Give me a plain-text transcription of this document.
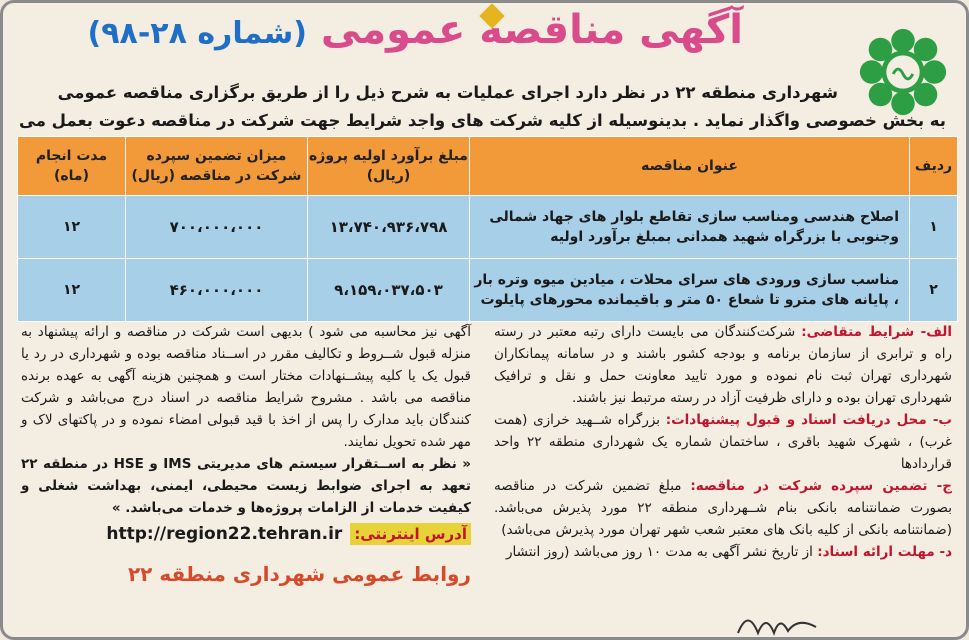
آگهی مناقصه عمومی (شماره ۲۸-۹۸)
شهرداری منطقه ۲۲ در نظر دارد اجرای عملیات به شرح ذیل را از طریق برگزاری مناقصه عمومی
به بخش خصوصی واگذار نماید . بدینوسیله از کلیه شرکت های واجد شرایط جهت شرکت در مناقصه دعوت بعمل می
ردیف	عنوان مناقصه	مبلغ برآورد اولیه پروژه (ریال)	میزان تضمین سپرده شرکت در مناقصه (ریال)	مدت انجام (ماه)
۱	اصلاح هندسی ومناسب سازی تقاطع بلوار های جهاد شمالی وجنوبی با بزرگراه شهید همدانی بمبلغ برآورد اولیه	۱۳،۷۴۰،۹۳۶،۷۹۸	۷۰۰،۰۰۰،۰۰۰	۱۲
۲	مناسب سازی ورودی های سرای محلات ، میادین میوه وتره بار ، پایانه های مترو تا شعاع ۵۰ متر و باقیمانده محورهای پایلوت	۹،۱۵۹،۰۳۷،۵۰۳	۴۶۰،۰۰۰،۰۰۰	۱۲

الف- شرایط متقاضی: شرکت‌کنندگان می بایست دارای رتبه معتبر در رسته راه و ترابری از سازمان برنامه و بودجه کشور باشند و در سامانه پیمانکاران شهرداری تهران ثبت نام نموده و مورد تایید معاونت حمل و نقل و ترافیک شهرداری تهران بوده و دارای ظرفیت آزاد در رسته مرتبط نیز باشند.

ب- محل دریافت اسناد و قبول پیشنهادات: بزرگراه شــهید خرازی (همت غرب) ، شهرک شهید باقری ، ساختمان شماره یک شهرداری منطقه ۲۲ واحد قراردادها

ج- تضمین سپرده شرکت در مناقصه: مبلغ تضمین شرکت در مناقصه بصورت ضمانتنامه بانکی بنام شــهرداری منطقه ۲۲ مورد پذیرش می‌باشد.(ضمانتنامه بانکی از کلیه بانک های معتبر شعب شهر تهران مورد پذیرش می‌باشد)

د- مهلت ارائه اسناد: از تاریخ نشر آگهی به مدت ۱۰ روز می‌باشد (روز انتشار

آگهی نیز محاسبه می شود ) بدیهی است شرکت در مناقصه و ارائه پیشنهاد به منزله قبول شــروط و تکالیف مقرر در اســناد مناقصه بوده و شهرداری در رد یا قبول یک یا کلیه پیشــنهادات مختار است و همچنین هزینه آگهی به عهده برنده مناقصه می باشد . مشروح شرایط مناقصه در اسناد درج می‌باشد و شرکت کنندگان باید مدارک را پس از اخذ با قید قبولی امضاء نموده و در پاکتهای لاک و مهر شده تحویل نمایند.

« نظر به اســتقرار سیستم های مدیریتی IMS و HSE در منطقه ۲۲ تعهد به اجرای ضوابط زیست محیطی، ایمنی، بهداشت شغلی و کیفیت خدمات از الزامات پروژه‌ها و خدمات می‌باشد. »

آدرس اینترنتی:
http://region22.tehran.ir
روابط عمومی شهرداری منطقه ۲۲
